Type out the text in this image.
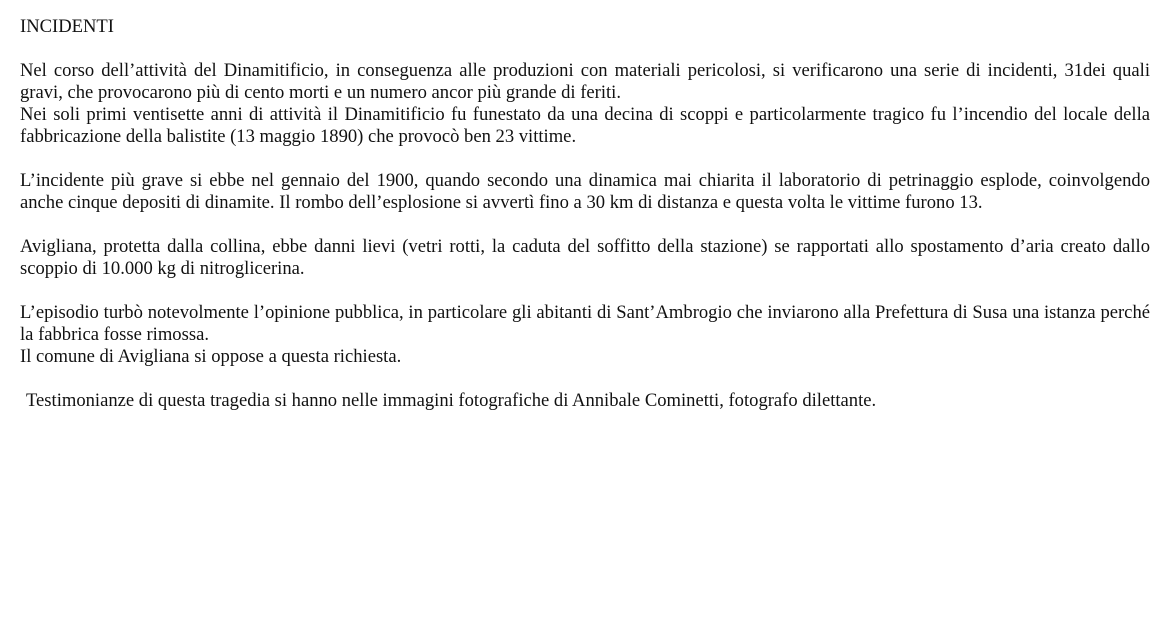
INCIDENTI

Nel corso dell’attività del Dinamitificio, in conseguenza alle produzioni con materiali pericolosi, si verificarono una serie di incidenti, 31dei quali gravi, che provocarono più di cento morti e un numero ancor più grande di feriti.

Nei soli primi ventisette anni di attività il Dinamitificio fu funestato da una decina di scoppi e particolarmente tragico fu l’incendio del locale della fabbricazione della balistite (13 maggio 1890) che provocò ben 23 vittime.

L’incidente più grave si ebbe nel gennaio del 1900, quando secondo una dinamica mai chiarita il laboratorio di petrinaggio esplode, coinvolgendo anche cinque depositi di dinamite. Il rombo dell’esplosione si avvertì fino a 30 km di distanza e questa volta le vittime furono 13.

Avigliana, protetta dalla collina, ebbe danni lievi (vetri rotti, la caduta del soffitto della stazione) se rapportati allo spostamento d’aria creato dallo scoppio di 10.000 kg di nitroglicerina.

L’episodio turbò notevolmente l’opinione pubblica, in particolare gli abitanti di Sant’Ambrogio che inviarono alla Prefettura di Susa una istanza perché la fabbrica fosse rimossa.

Il comune di Avigliana si oppose a questa richiesta.

Testimonianze di questa tragedia si hanno nelle immagini fotografiche di Annibale Cominetti, fotografo dilettante.
